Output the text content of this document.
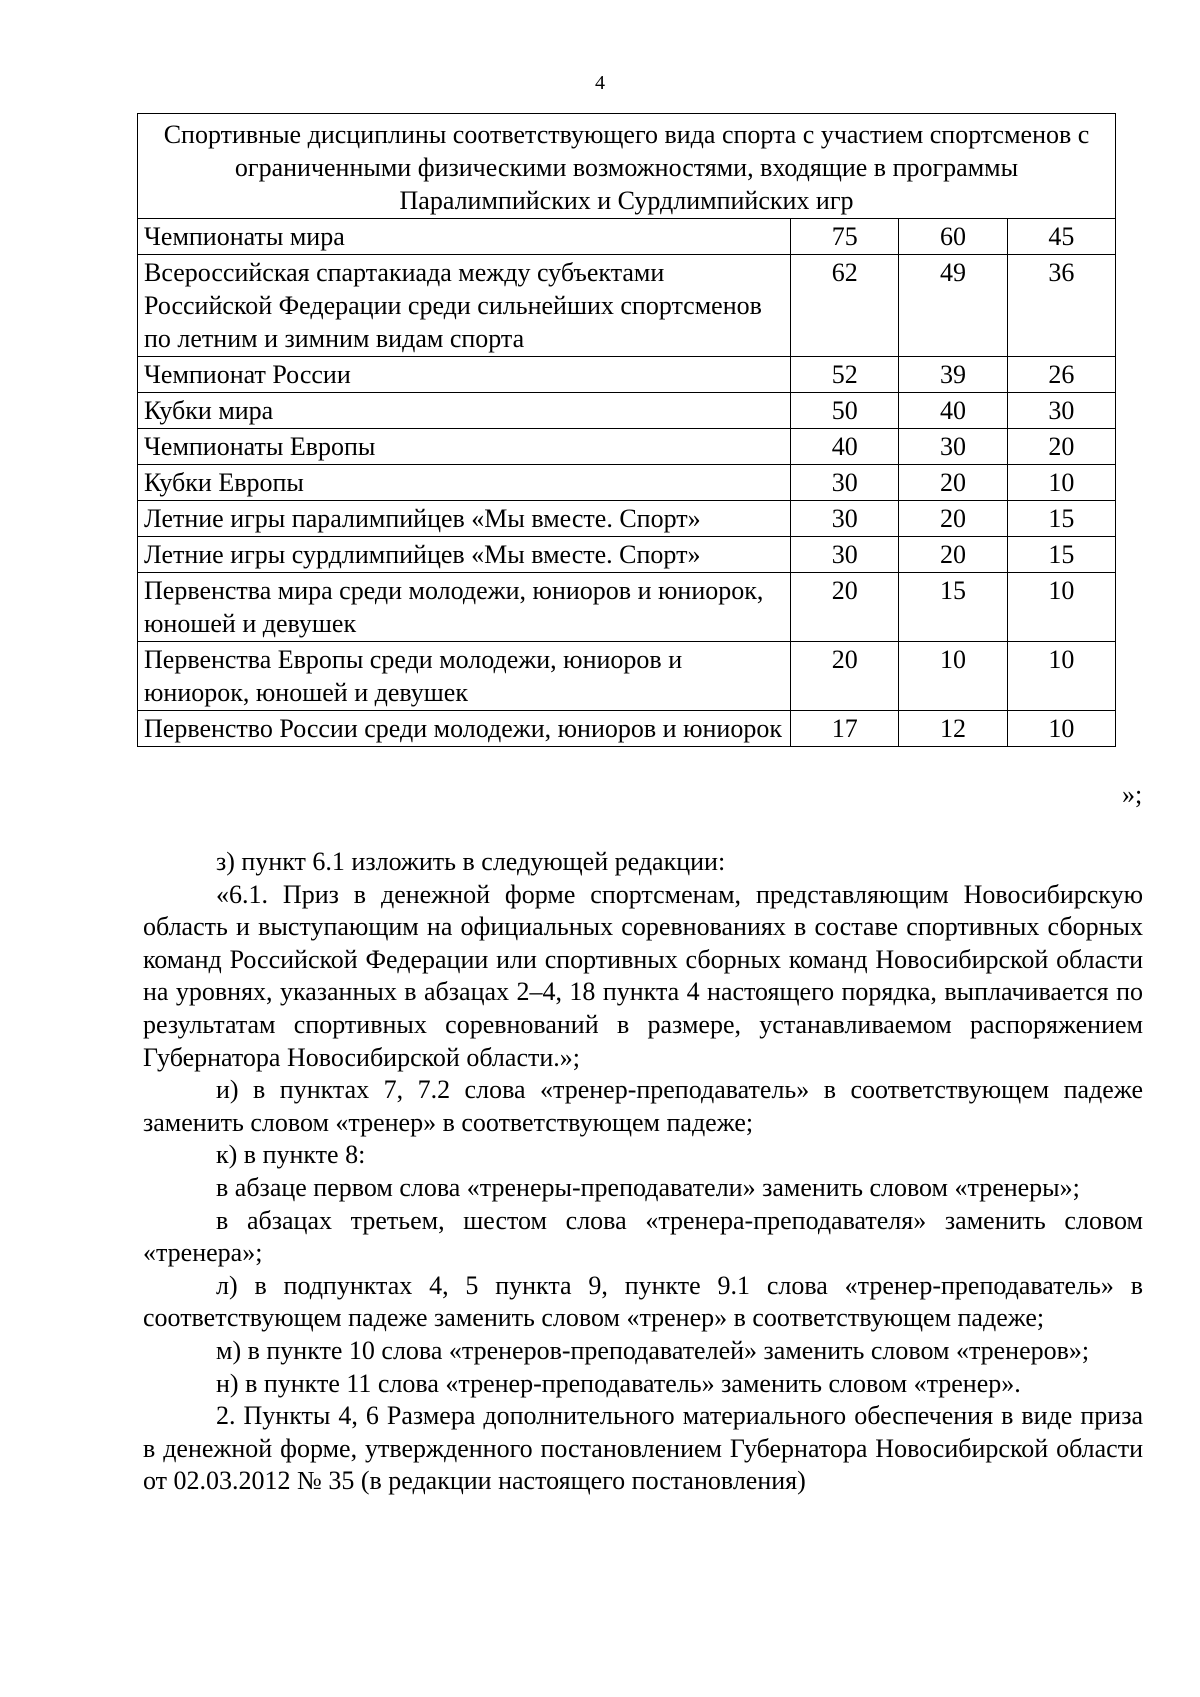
4
Спортивные дисциплины соответствующего вида спорта с участием спортсменов с ограниченными физическими возможностями, входящие в программы Паралимпийских и Сурдлимпийских игр			
Чемпионаты мира	75	60	45
Всероссийская спартакиада между субъектами Российской Федерации среди сильнейших спортсменов по летним и зимним видам спорта	62	49	36
Чемпионат России	52	39	26
Кубки мира	50	40	30
Чемпионаты Европы	40	30	20
Кубки Европы	30	20	10
Летние игры паралимпийцев «Мы вместе. Спорт»	30	20	15
Летние игры сурдлимпийцев «Мы вместе. Спорт»	30	20	15
Первенства мира среди молодежи, юниоров и юниорок, юношей и девушек	20	15	10
Первенства Европы среди молодежи, юниоров и юниорок, юношей и девушек	20	10	10
Первенство России среди молодежи, юниоров и юниорок	17	12	10
»;

з) пункт 6.1 изложить в следующей редакции:

«6.1. Приз в денежной форме спортсменам, представляющим Новосибирскую область и выступающим на официальных соревнованиях в составе спортивных сборных команд Российской Федерации или спортивных сборных команд Новосибирской области на уровнях, указанных в абзацах 2–4, 18 пункта 4 настоящего порядка, выплачивается по результатам спортивных соревнований в размере, устанавливаемом распоряжением Губернатора Новосибирской области.»;

и) в пунктах 7, 7.2 слова «тренер-преподаватель» в соответствующем падеже заменить словом «тренер» в соответствующем падеже;

к) в пункте 8:

в абзаце первом слова «тренеры-преподаватели» заменить словом «тренеры»;

в абзацах третьем, шестом слова «тренера-преподавателя» заменить словом «тренера»;

л) в подпунктах 4, 5 пункта 9, пункте 9.1 слова «тренер-преподаватель» в соответствующем падеже заменить словом «тренер» в соответствующем падеже;

м) в пункте 10 слова «тренеров-преподавателей» заменить словом «тренеров»;

н) в пункте 11 слова «тренер-преподаватель» заменить словом «тренер».

2. Пункты 4, 6 Размера дополнительного материального обеспечения в виде приза в денежной форме, утвержденного постановлением Губернатора Новосибирской области от 02.03.2012 № 35 (в редакции настоящего постановления)
